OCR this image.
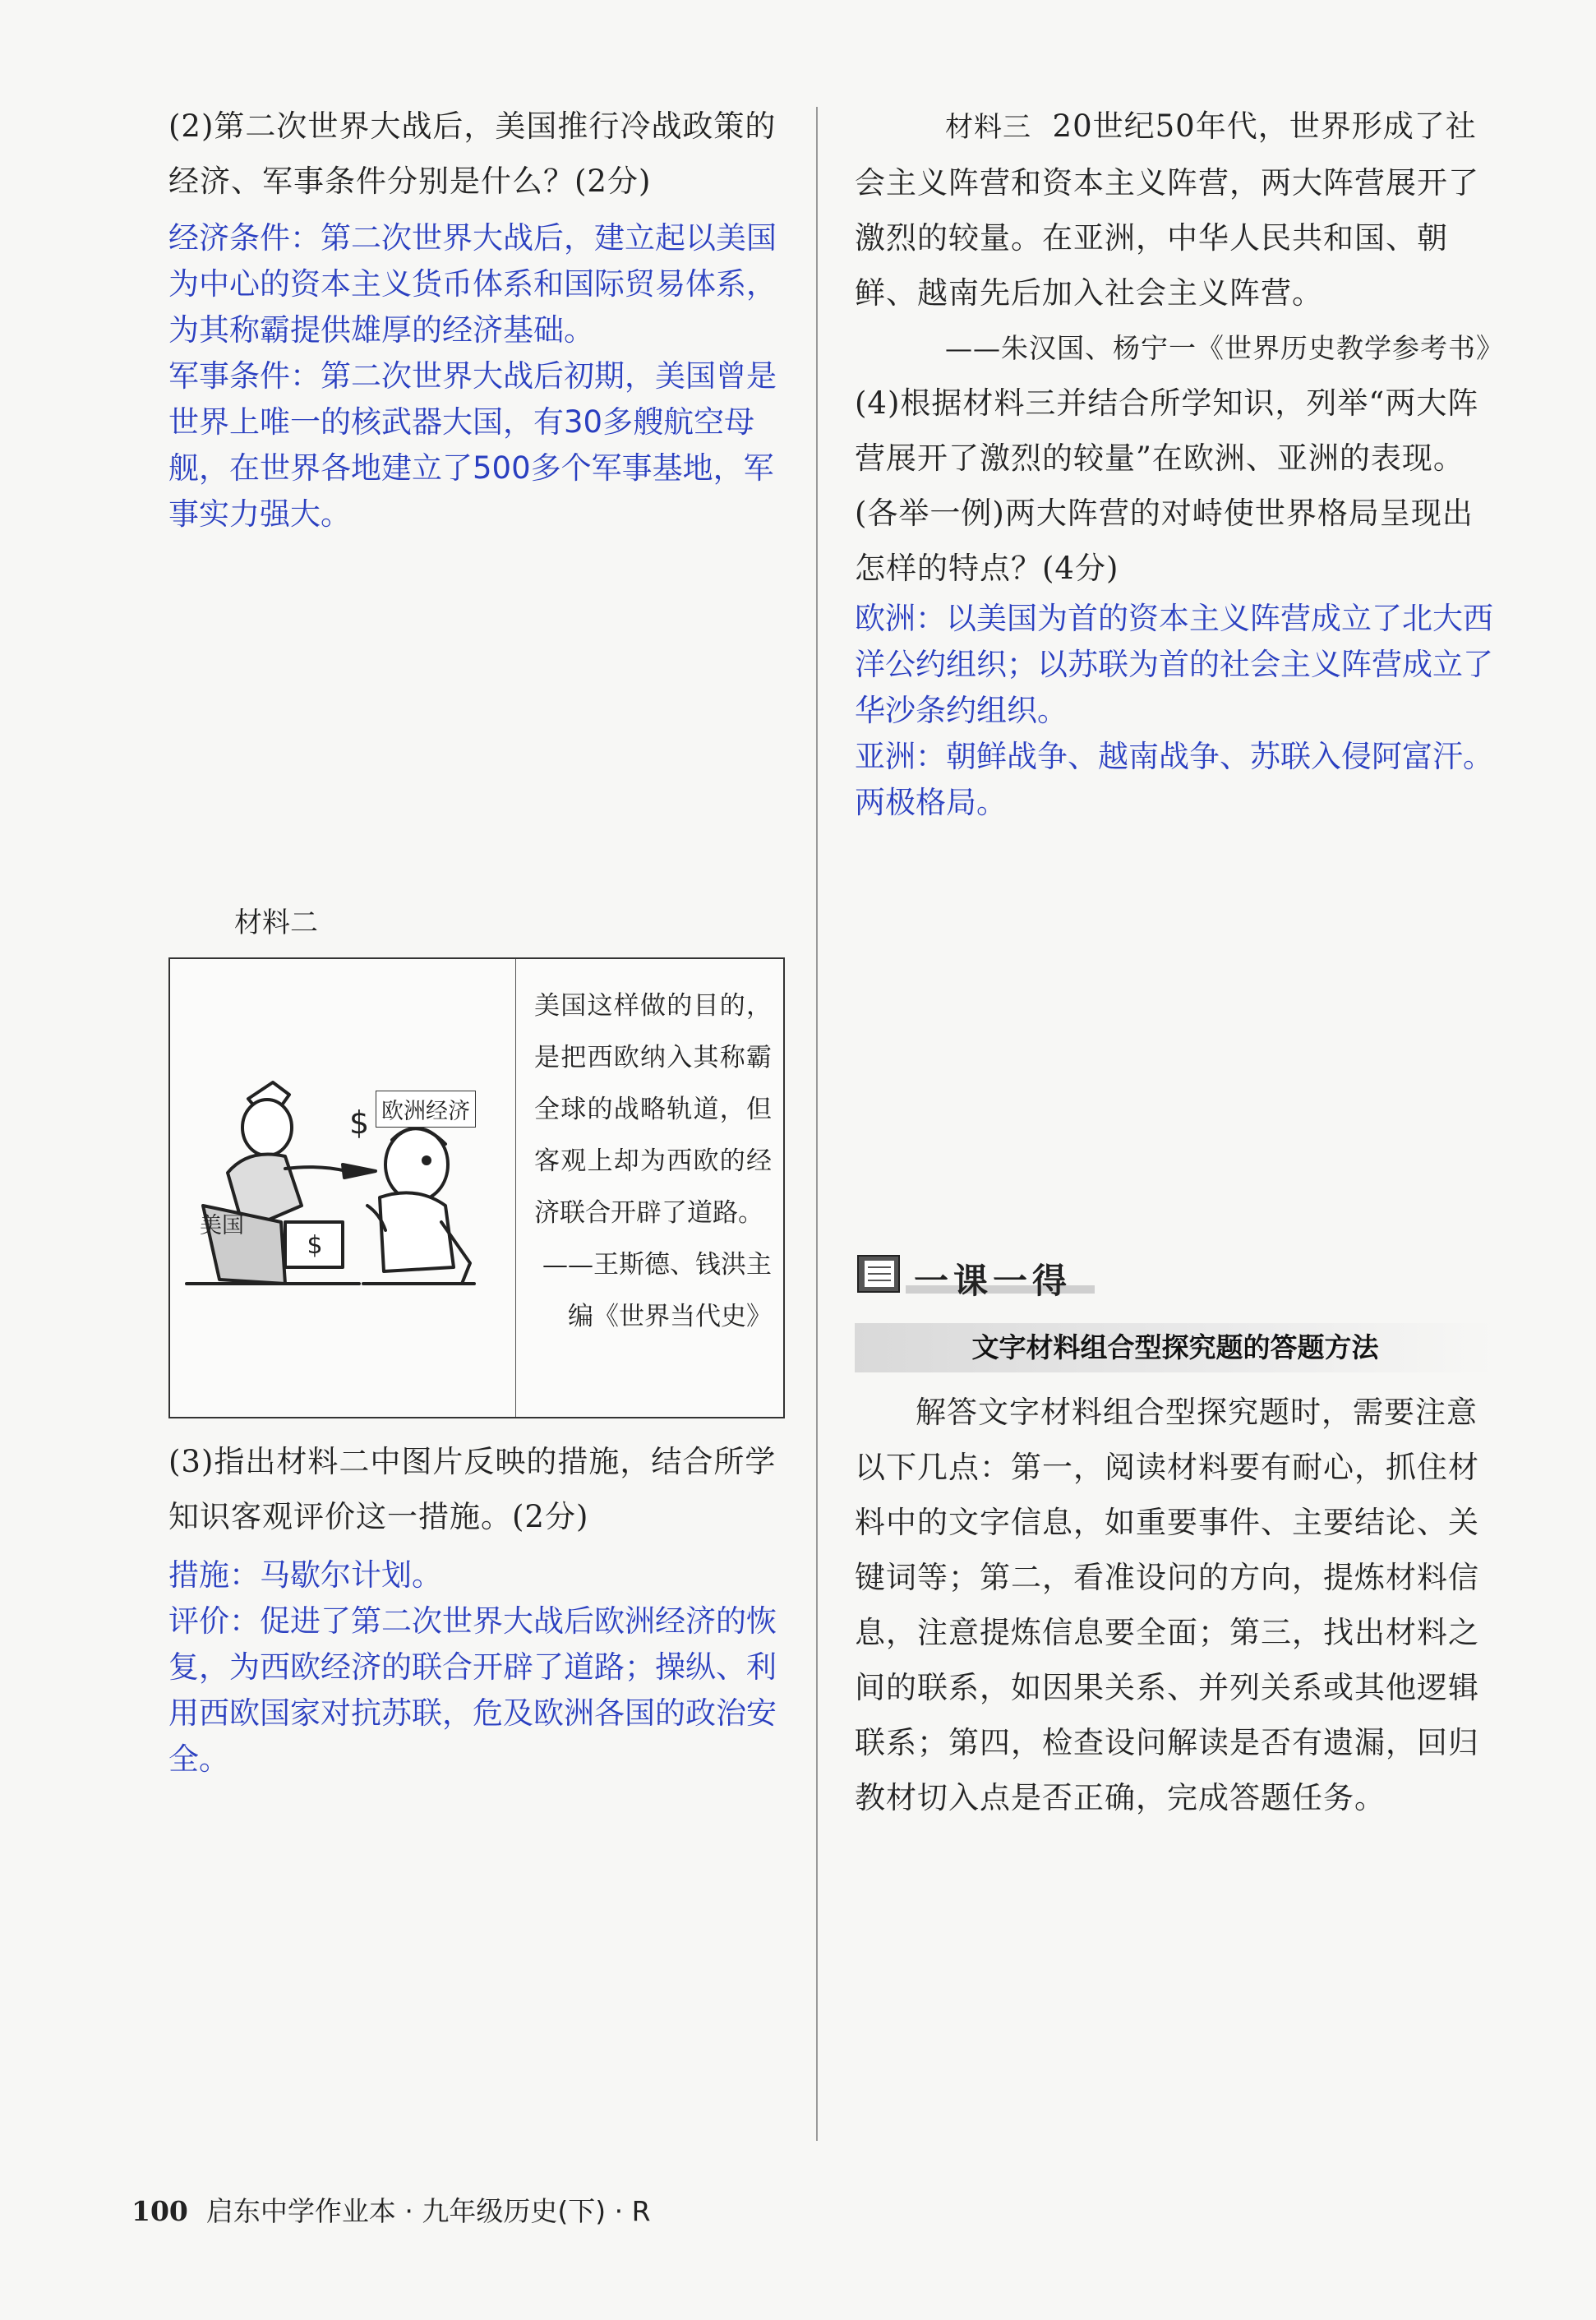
(2)第二次世界大战后，美国推行冷战政策的经济、军事条件分别是什么？(2分)

经济条件：第二次世界大战后，建立起以美国为中心的资本主义货币体系和国际贸易体系，为其称霸提供雄厚的经济基础。

军事条件：第二次世界大战后初期，美国曾是世界上唯一的核武器大国，有30多艘航空母舰，在世界各地建立了500多个军事基地，军事实力强大。

材料二
$
$ 欧洲经济
美国
美国这样做的目的，是把西欧纳入其称霸全球的战略轨道，但客观上却为西欧的经济联合开辟了道路。
——王斯德、钱洪主编《世界当代史》

(3)指出材料二中图片反映的措施，结合所学知识客观评价这一措施。(2分)

措施：马歇尔计划。

评价：促进了第二次世界大战后欧洲经济的恢复，为西欧经济的联合开辟了道路；操纵、利用西欧国家对抗苏联，危及欧洲各国的政治安全。

材料三 20世纪50年代，世界形成了社会主义阵营和资本主义阵营，两大阵营展开了激烈的较量。在亚洲，中华人民共和国、朝鲜、越南先后加入社会主义阵营。

——朱汉国、杨宁一《世界历史教学参考书》

(4)根据材料三并结合所学知识，列举“两大阵营展开了激烈的较量”在欧洲、亚洲的表现。(各举一例)两大阵营的对峙使世界格局呈现出怎样的特点？(4分)

欧洲：以美国为首的资本主义阵营成立了北大西洋公约组织；以苏联为首的社会主义阵营成立了华沙条约组织。

亚洲：朝鲜战争、越南战争、苏联入侵阿富汗。

两极格局。

一课一得
文字材料组合型探究题的答题方法

解答文字材料组合型探究题时，需要注意以下几点：第一，阅读材料要有耐心，抓住材料中的文字信息，如重要事件、主要结论、关键词等；第二，看准设问的方向，提炼材料信息，注意提炼信息要全面；第三，找出材料之间的联系，如因果关系、并列关系或其他逻辑联系；第四，检查设问解读是否有遗漏，回归教材切入点是否正确，完成答题任务。

100 启东中学作业本 · 九年级历史(下) · R
